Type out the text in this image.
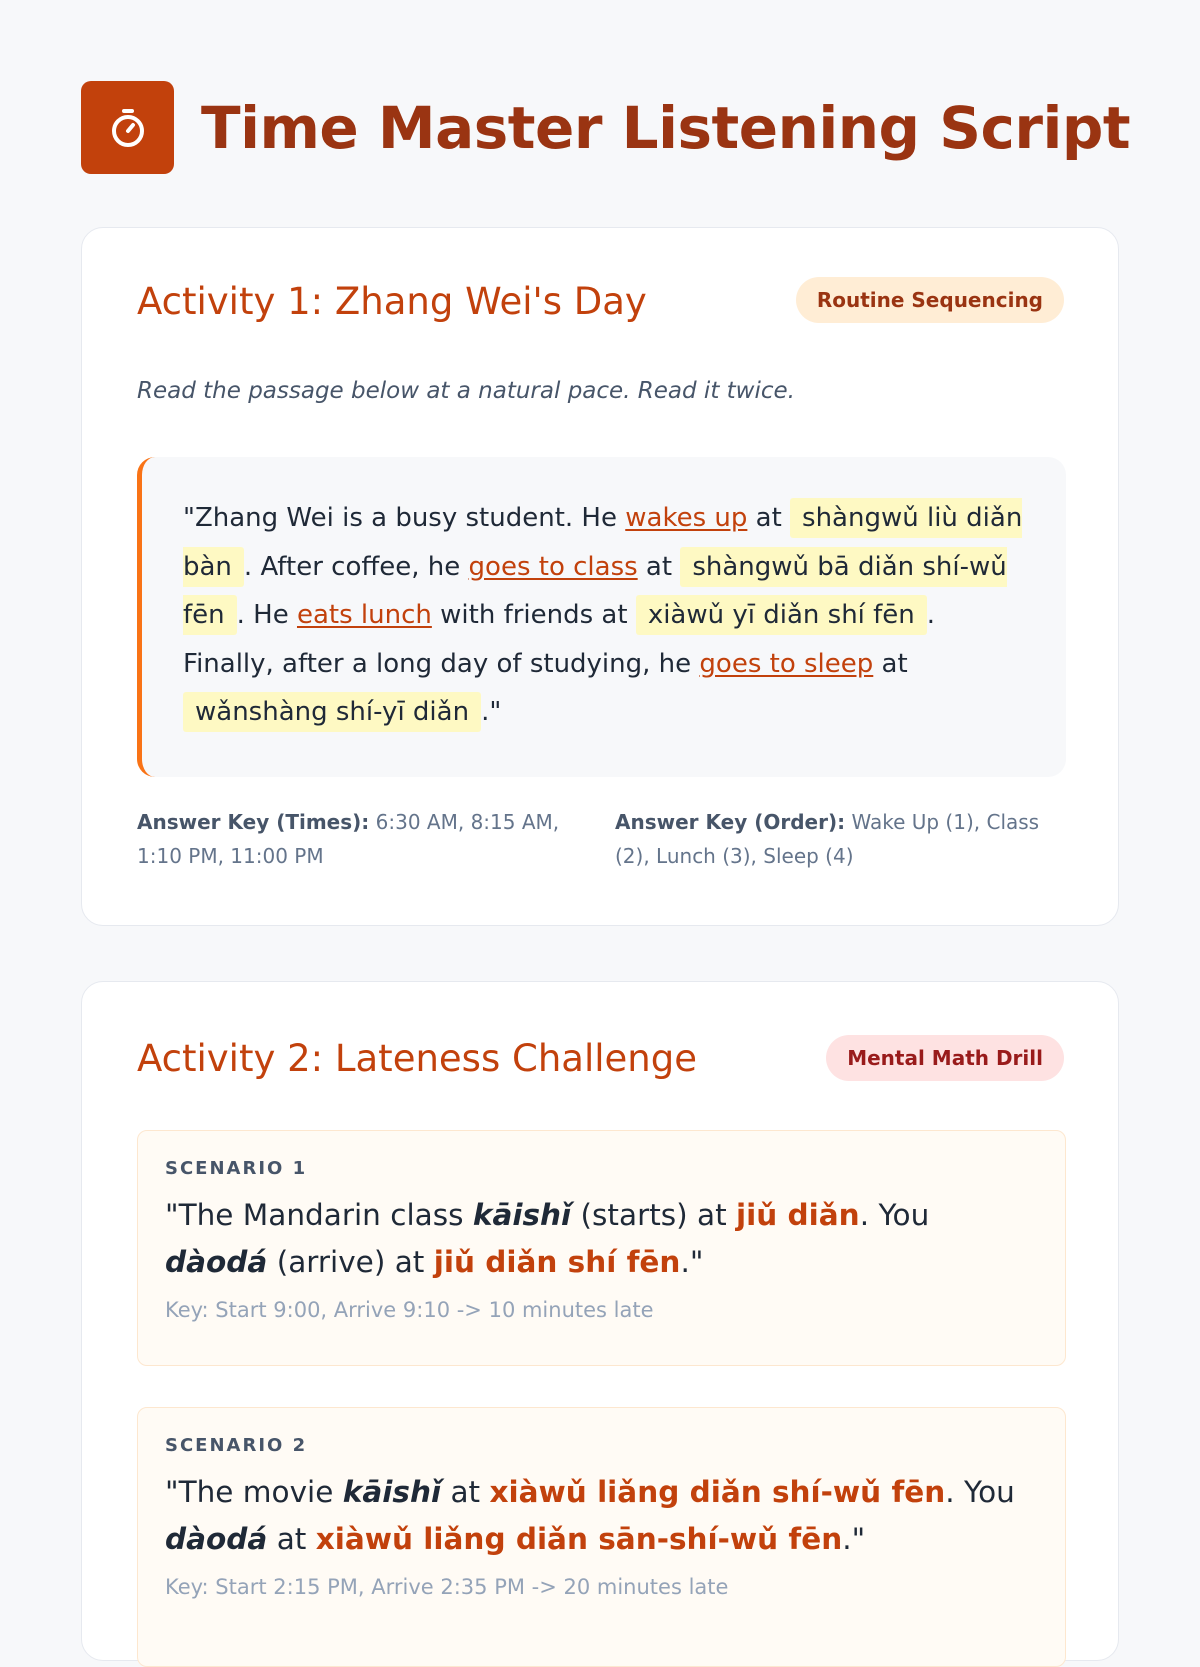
Time Master Listening Script
Activity 1: Zhang Wei's Day	Routine Sequencing
Read the passage below at a natural pace. Read it twice.
"Zhang Wei is a busy student. He wakes up at shàngwǔ liù diǎn bàn . After coffee, he goes to class at shàngwǔ bā diǎn shí-wǔ fēn . He eats lunch with friends at xiàwǔ yī diǎn shí fēn . Finally, after a long day of studying, he goes to sleep at wǎnshàng shí-yī diǎn ."
Answer Key (Times): 6:30 AM, 8:15 AM, 1:10 PM, 11:00 PM
Answer Key (Order): Wake Up (1), Class (2), Lunch (3), Sleep (4)
Activity 2: Lateness Challenge	Mental Math Drill
SCENARIO 1
"The Mandarin class kāishǐ (starts) at jiǔ diǎn. You dàodá (arrive) at jiǔ diǎn shí fēn."
Key: Start 9:00, Arrive 9:10 -> 10 minutes late
SCENARIO 2
"The movie kāishǐ at xiàwǔ liǎng diǎn shí-wǔ fēn. You dàodá at xiàwǔ liǎng diǎn sān-shí-wǔ fēn."
Key: Start 2:15 PM, Arrive 2:35 PM -> 20 minutes late
